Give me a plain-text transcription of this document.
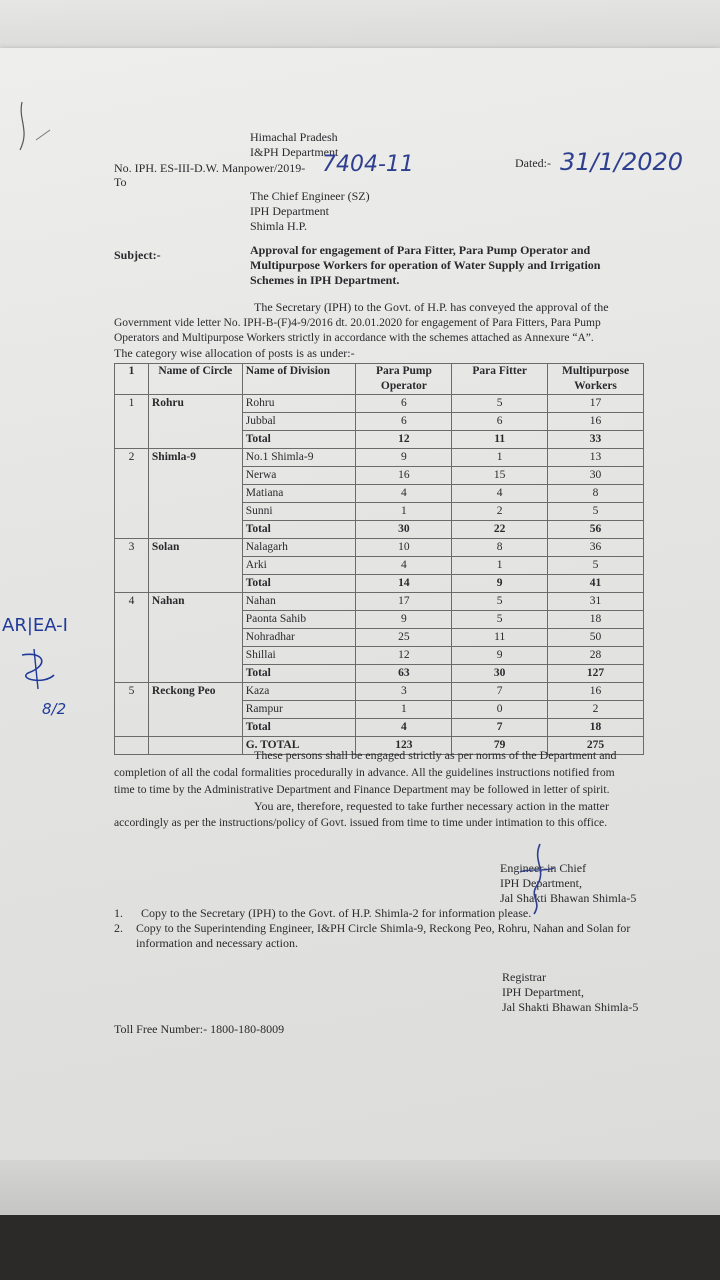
Himachal Pradesh
I&PH Department
No. IPH. ES-III-D.W. Manpower/2019- 7404-11	Dated:- 31/1/2020
To
The Chief Engineer (SZ)
IPH Department
Shimla H.P.
Subject:-	Approval for engagement of Para Fitter, Para Pump Operator and
Multipurpose Workers for operation of Water Supply and Irrigation
Schemes in IPH Department.
The Secretary (IPH) to the Govt. of H.P. has conveyed the approval of the
Government vide letter No. IPH-B-(F)4-9/2016 dt. 20.01.2020 for engagement of Para Fitters, Para Pump
Operators and Multipurpose Workers strictly in accordance with the schemes attached as Annexure “A”.
The category wise allocation of posts is as under:-
1	Name of Circle	Name of Division	Para Pump Operator	Para Fitter	Multipurpose Workers
1	Rohru	Rohru	6	5	17
		Jubbal	6	6	16
		Total	12	11	33
2	Shimla-9	No.1 Shimla-9	9	1	13
		Nerwa	16	15	30
		Matiana	4	4	8
		Sunni	1	2	5
		Total	30	22	56
3	Solan	Nalagarh	10	8	36
		Arki	4	1	5
		Total	14	9	41
4	Nahan	Nahan	17	5	31
		Paonta Sahib	9	5	18
		Nohradhar	25	11	50
		Shillai	12	9	28
		Total	63	30	127
5	Reckong Peo	Kaza	3	7	16
		Rampur	1	0	2
		Total	4	7	18
		G. TOTAL	123	79	275
These persons shall be engaged strictly as per norms of the Department and
completion of all the codal formalities procedurally in advance. All the guidelines instructions notified from
time to time by the Administrative Department and Finance Department may be followed in letter of spirit.
You are, therefore, requested to take further necessary action in the matter
accordingly as per the instructions/policy of Govt. issued from time to time under intimation to this office.
Engineer-in Chief
IPH Department,
Jal Shakti Bhawan Shimla-5
1. Copy to the Secretary (IPH) to the Govt. of H.P. Shimla-2 for information please.
2. Copy to the Superintending Engineer, I&PH Circle Shimla-9, Reckong Peo, Rohru, Nahan and Solan for
information and necessary action.
Registrar
IPH Department,
Jal Shakti Bhawan Shimla-5
Toll Free Number:- 1800-180-8009
AR|EA-I
8/2
